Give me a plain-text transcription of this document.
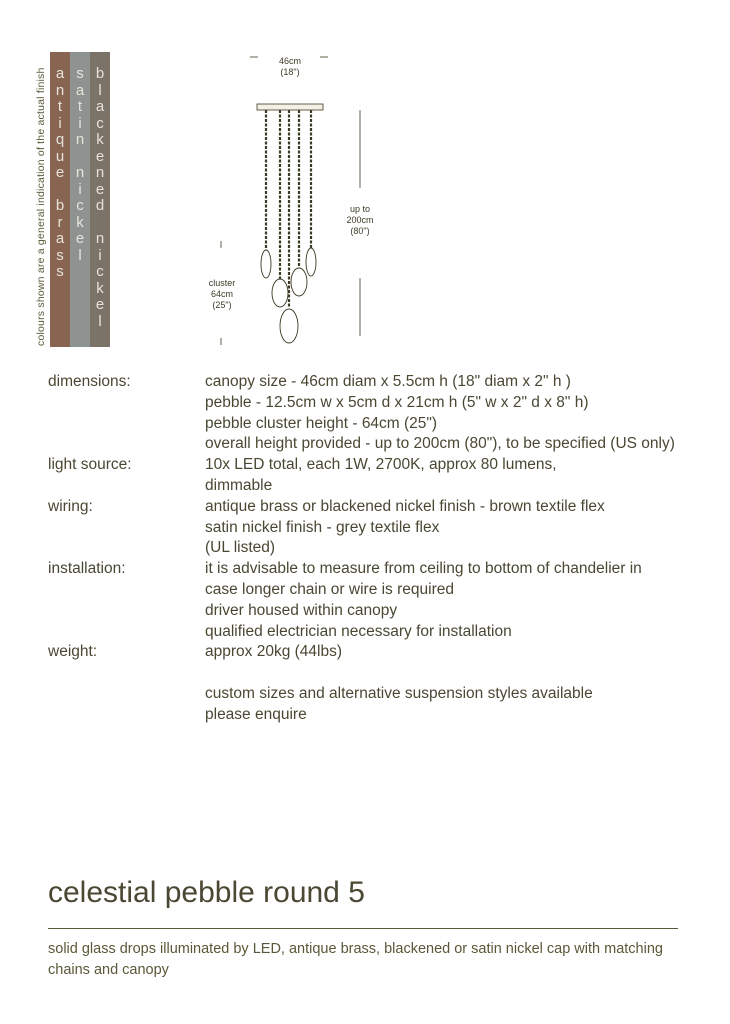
colours shown are a general indication of the actual finish a
n
t
i
q
u
e

b
r
a
s
s
s
a
t
i
n

n
i
c
k
e
l
b
l
a
c
k
e
n
e
d

n
i
c
k
e
l
46cm
(18")
up to
200cm
(80")
cluster
64cm
(25")
dimensions:	canopy size - 46cm diam x 5.5cm h (18" diam x 2" h )
pebble - 12.5cm w x 5cm d x 21cm h (5" w x 2" d x 8" h)
pebble cluster height - 64cm (25")
overall height provided - up to 200cm (80"), to be specified (US only)
light source:	10x LED total, each 1W, 2700K, approx 80 lumens,
dimmable
wiring:	antique brass or blackened nickel finish - brown textile flex
satin nickel finish - grey textile flex
(UL listed)
installation:	it is advisable to measure from ceiling to bottom of chandelier in
case longer chain or wire is required
driver housed within canopy
qualified electrician necessary for installation
weight:	approx 20kg (44lbs)
custom sizes and alternative suspension styles available
please enquire
celestial pebble round 5
solid glass drops illuminated by LED, antique brass, blackened or satin nickel cap with matching chains and canopy
